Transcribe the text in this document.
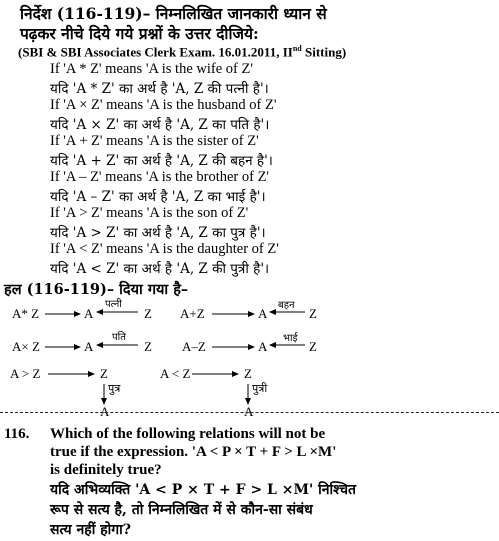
निर्देश (116-119)– निम्नलिखित जानकारी ध्यान से
पढ़कर नीचे दिये गये प्रश्नों के उत्तर दीजिये:
(SBI & SBI Associates Clerk Exam. 16.01.2011, IInd Sitting)
If 'A * Z' means 'A is the wife of Z'
यदि 'A * Z' का अर्थ है 'A, Z की पत्नी है'।
If 'A × Z' means 'A is the husband of Z'
यदि 'A × Z' का अर्थ है 'A, Z का पति है'।
If 'A + Z' means 'A is the sister of Z'
यदि 'A + Z' का अर्थ है 'A, Z की बहन है'।
If 'A – Z' means 'A is the brother of Z'
यदि 'A – Z' का अर्थ है 'A, Z का भाई है'।
If 'A > Z' means 'A is the son of Z'
यदि 'A > Z' का अर्थ है 'A, Z का पुत्र है'।
If 'A < Z' means 'A is the daughter of Z'
यदि 'A < Z' का अर्थ है 'A, Z की पुत्री है'।
हल (116-119)– दिया गया है–
A* Z	A	Z
पत्नी
A+Z	A	Z
बहन
A× Z	A	Z
पति
A–Z	A	Z
भाई
A > Z	Z
A
पुत्र
A < Z	Z
A
पुत्री
116. Which of the following relations will not be
true if the expression. 'A < P × T + F > L ×M'
is definitely true?
यदि अभिव्यक्ति 'A < P × T + F > L ×M' निश्चित
रूप से सत्य है, तो निम्नलिखित में से कौन-सा संबंध
सत्य नहीं होगा?
